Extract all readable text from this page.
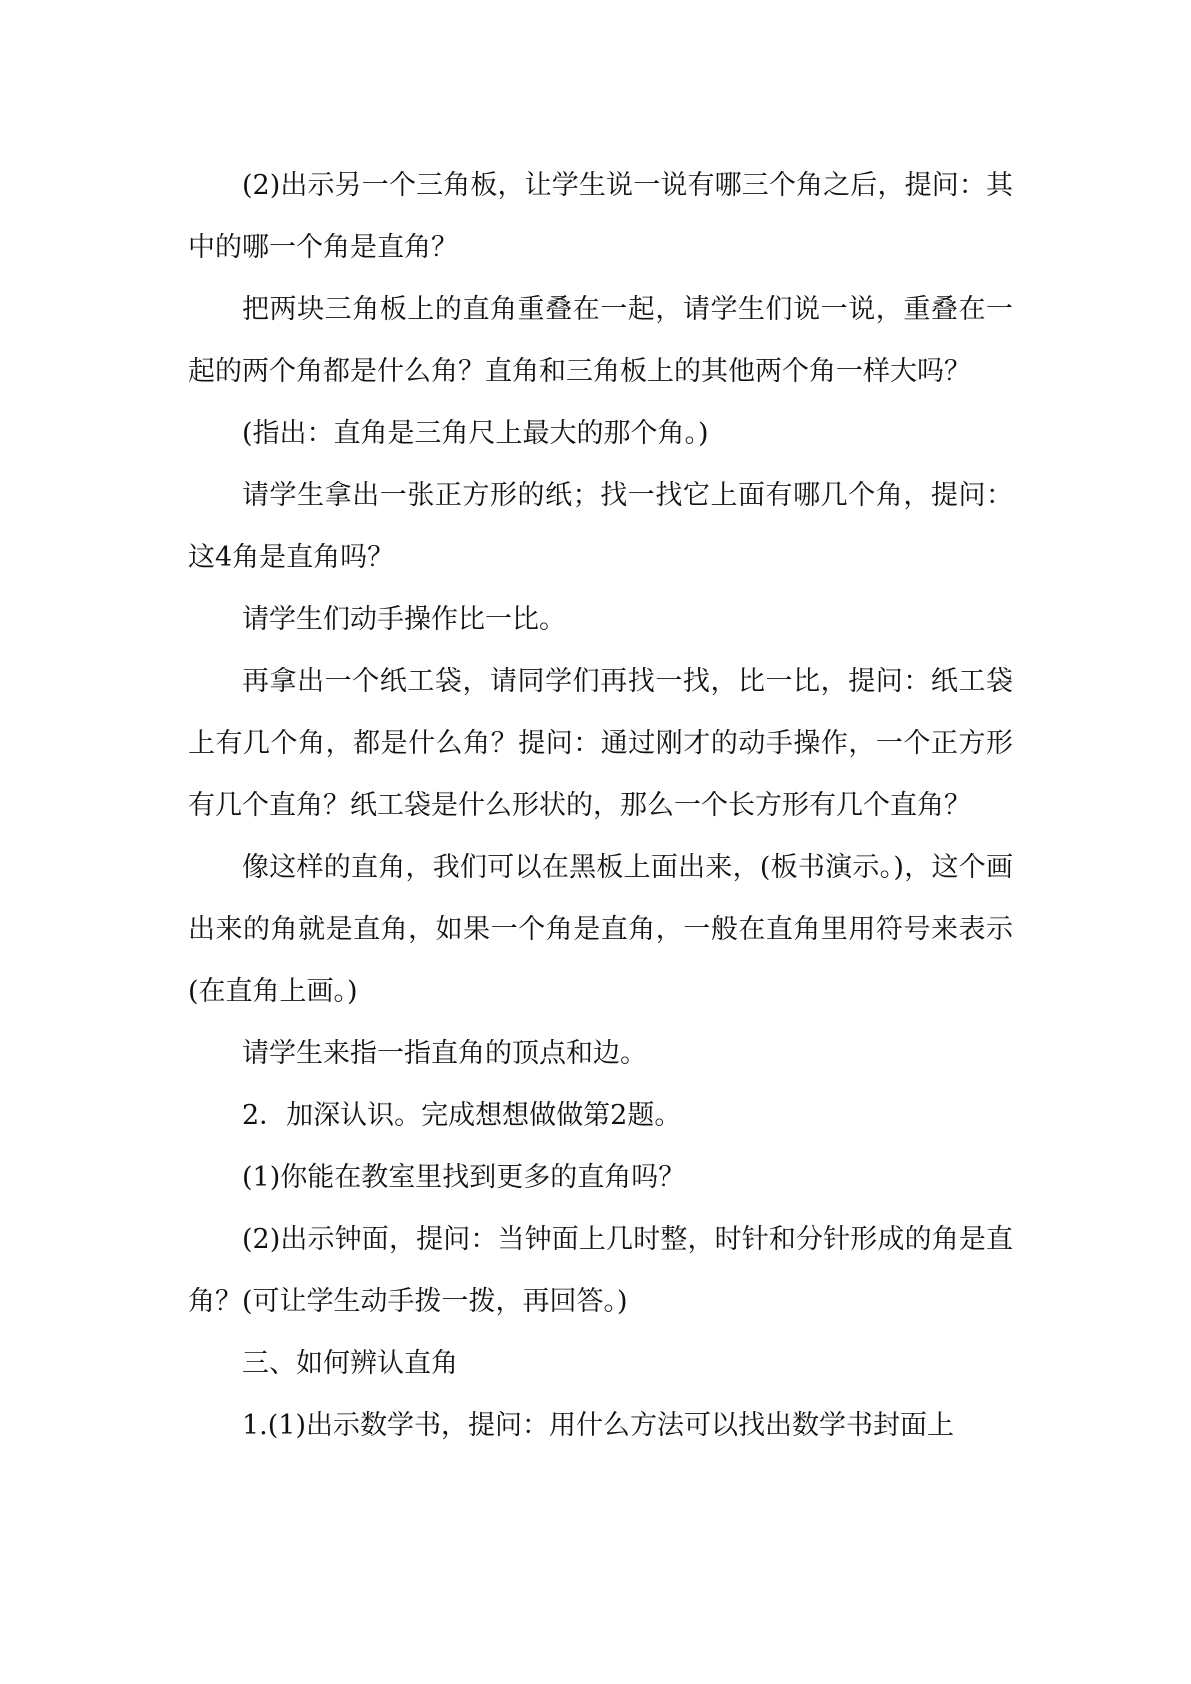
(2)出示另一个三角板，让学生说一说有哪三个角之后，提问：其中的哪一个角是直角？

把两块三角板上的直角重叠在一起，请学生们说一说，重叠在一起的两个角都是什么角？直角和三角板上的其他两个角一样大吗？

(指出：直角是三角尺上最大的那个角。)

请学生拿出一张正方形的纸；找一找它上面有哪几个角，提问：这4角是直角吗？

请学生们动手操作比一比。

再拿出一个纸工袋，请同学们再找一找，比一比，提问：纸工袋上有几个角，都是什么角？提问：通过刚才的动手操作，一个正方形有几个直角？纸工袋是什么形状的，那么一个长方形有几个直角？

像这样的直角，我们可以在黑板上面出来，(板书演示。)，这个画出来的角就是直角，如果一个角是直角，一般在直角里用符号来表示(在直角上画。)

请学生来指一指直角的顶点和边。

2．加深认识。完成想想做做第2题。

(1)你能在教室里找到更多的直角吗？

(2)出示钟面，提问：当钟面上几时整，时针和分针形成的角是直角？(可让学生动手拨一拨，再回答。)

三、如何辨认直角

1.(1)出示数学书，提问：用什么方法可以找出数学书封面上
